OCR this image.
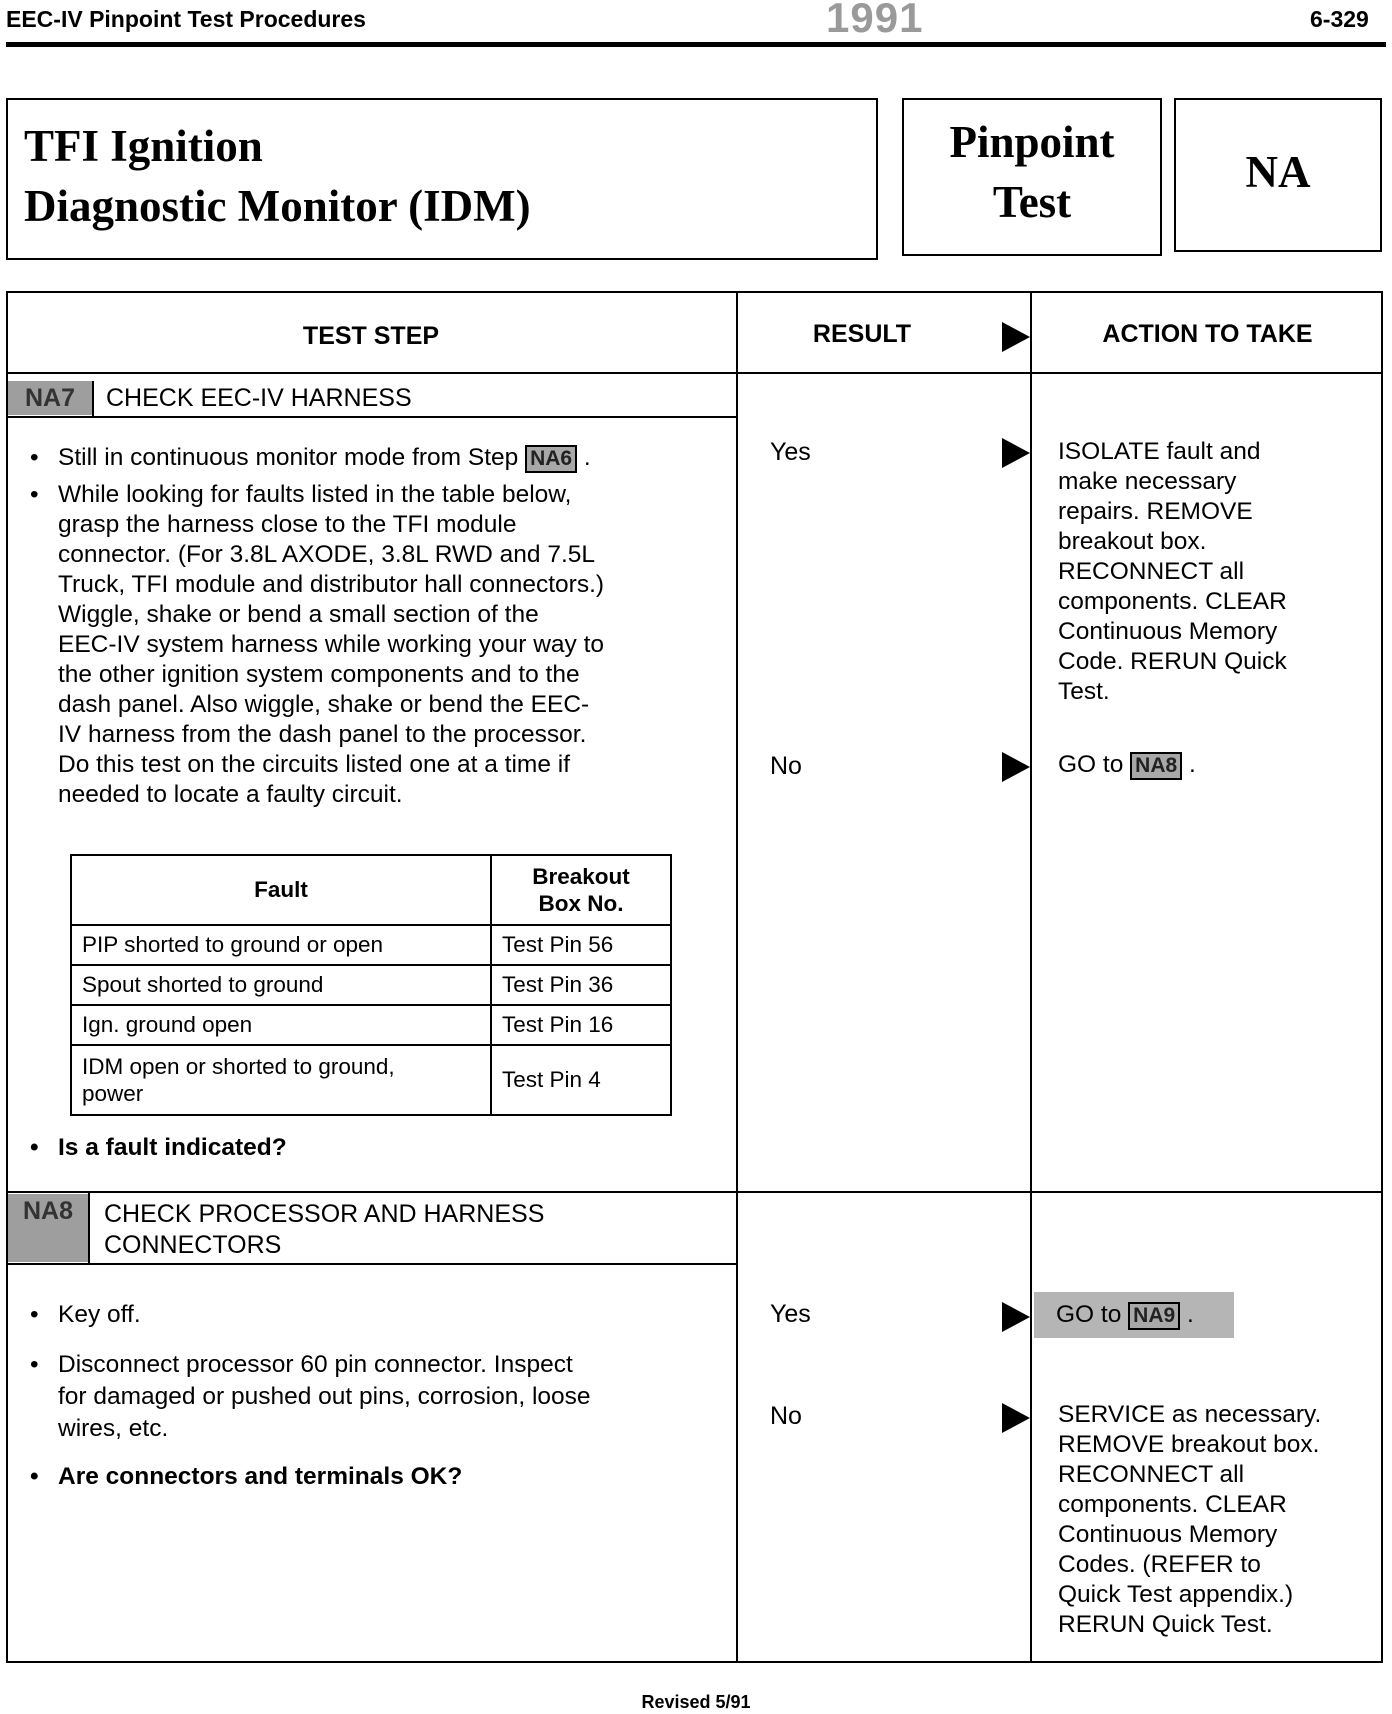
EEC-IV Pinpoint Test Procedures	1991	6-329
TFI Ignition
Diagnostic Monitor (IDM)
Pinpoint
Test
NA
TEST STEP	RESULT	ACTION TO TAKE
NA7	CHECK EEC-IV HARNESS
• Still in continuous monitor mode from Step NA6 .
• While looking for faults listed in the table below,
grasp the harness close to the TFI module
connector. (For 3.8L AXODE, 3.8L RWD and 7.5L
Truck, TFI module and distributor hall connectors.)
Wiggle, shake or bend a small section of the
EEC-IV system harness while working your way to
the other ignition system components and to the
dash panel. Also wiggle, shake or bend the EEC-
IV harness from the dash panel to the processor.
Do this test on the circuits listed one at a time if
needed to locate a faulty circuit.
Fault	Breakout
Box No.

PIP shorted to ground or open	Test Pin 56
Spout shorted to ground	Test Pin 36
Ign. ground open	Test Pin 16

IDM open or shorted to ground,
power	Test Pin 4
• Is a fault indicated?
Yes	ISOLATE fault and
make necessary
repairs. REMOVE
breakout box.
RECONNECT all
components. CLEAR
Continuous Memory
Code. RERUN Quick
Test.
No	GO to NA8 .
NA8	CHECK PROCESSOR AND HARNESS
CONNECTORS
• Key off.
• Disconnect processor 60 pin connector. Inspect
for damaged or pushed out pins, corrosion, loose
wires, etc.
• Are connectors and terminals OK?
Yes	GO to NA9 .
No	SERVICE as necessary.
REMOVE breakout box.
RECONNECT all
components. CLEAR
Continuous Memory
Codes. (REFER to
Quick Test appendix.)
RERUN Quick Test.
Revised 5/91
